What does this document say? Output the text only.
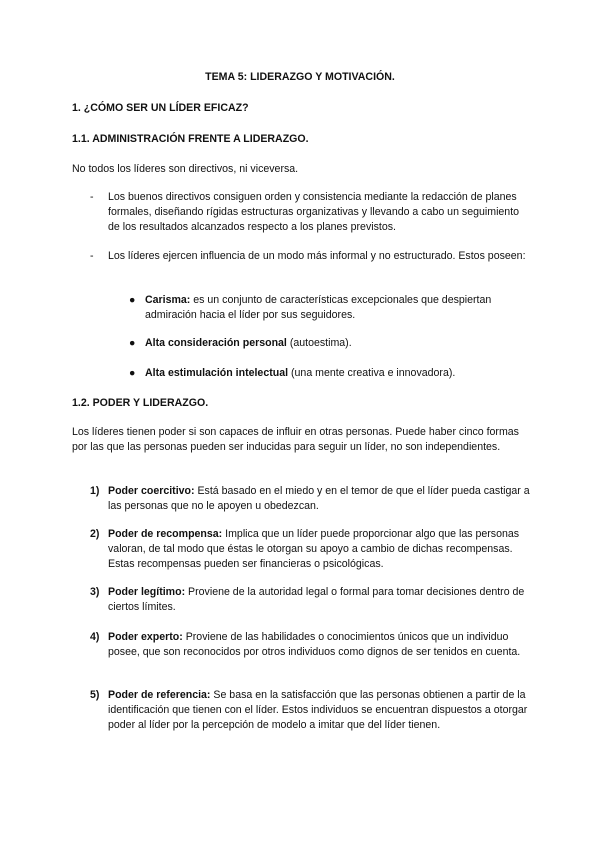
TEMA 5: LIDERAZGO Y MOTIVACIÓN.
1. ¿CÓMO SER UN LÍDER EFICAZ?
1.1. ADMINISTRACIÓN FRENTE A LIDERAZGO.
No todos los líderes son directivos, ni viceversa.
- Los buenos directivos consiguen orden y consistencia mediante la redacción de planes formales, diseñando rígidas estructuras organizativas y llevando a cabo un seguimiento de los resultados alcanzados respecto a los planes previstos.
- Los líderes ejercen influencia de un modo más informal y no estructurado. Estos poseen:
● Carisma: es un conjunto de características excepcionales que despiertan admiración hacia el líder por sus seguidores.
● Alta consideración personal (autoestima).
● Alta estimulación intelectual (una mente creativa e innovadora).
1.2. PODER Y LIDERAZGO.
Los líderes tienen poder si son capaces de influir en otras personas. Puede haber cinco formas por las que las personas pueden ser inducidas para seguir un líder, no son independientes.
1) Poder coercitivo: Está basado en el miedo y en el temor de que el líder pueda castigar a las personas que no le apoyen u obedezcan.
2) Poder de recompensa: Implica que un líder puede proporcionar algo que las personas valoran, de tal modo que éstas le otorgan su apoyo a cambio de dichas recompensas. Estas recompensas pueden ser financieras o psicológicas.
3) Poder legítimo: Proviene de la autoridad legal o formal para tomar decisiones dentro de ciertos límites.
4) Poder experto: Proviene de las habilidades o conocimientos únicos que un individuo posee, que son reconocidos por otros individuos como dignos de ser tenidos en cuenta.
5) Poder de referencia: Se basa en la satisfacción que las personas obtienen a partir de la identificación que tienen con el líder. Estos individuos se encuentran dispuestos a otorgar poder al líder por la percepción de modelo a imitar que del líder tienen.
